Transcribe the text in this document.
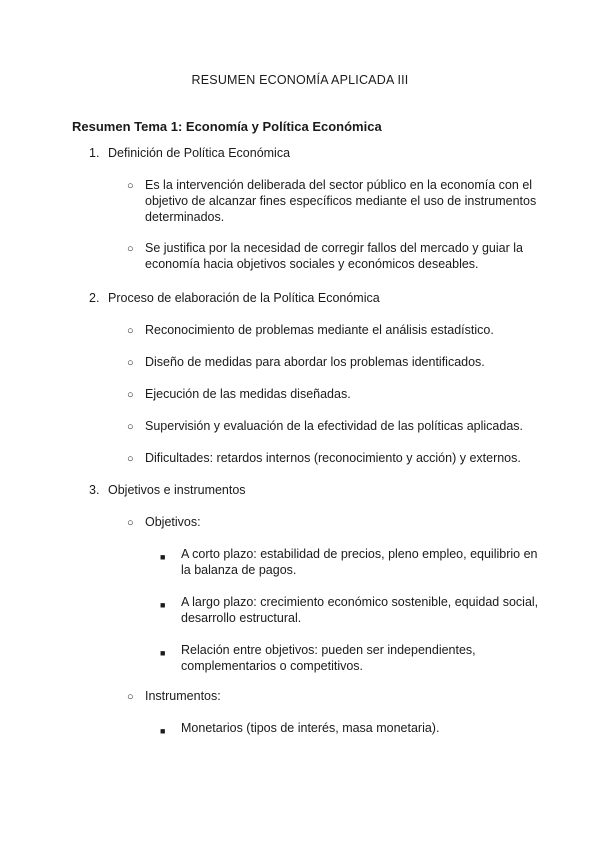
RESUMEN ECONOMÍA APLICADA III
Resumen Tema 1: Economía y Política Económica
1. Definición de Política Económica
○ Es la intervención deliberada del sector público en la economía con el objetivo de alcanzar fines específicos mediante el uso de instrumentos determinados.
○ Se justifica por la necesidad de corregir fallos del mercado y guiar la economía hacia objetivos sociales y económicos deseables.
2. Proceso de elaboración de la Política Económica
○ Reconocimiento de problemas mediante el análisis estadístico.
○ Diseño de medidas para abordar los problemas identificados.
○ Ejecución de las medidas diseñadas.
○ Supervisión y evaluación de la efectividad de las políticas aplicadas.
○ Dificultades: retardos internos (reconocimiento y acción) y externos.
3. Objetivos e instrumentos
○ Objetivos:
■ A corto plazo: estabilidad de precios, pleno empleo, equilibrio en la balanza de pagos.
■ A largo plazo: crecimiento económico sostenible, equidad social, desarrollo estructural.
■ Relación entre objetivos: pueden ser independientes, complementarios o competitivos.
○ Instrumentos:
■ Monetarios (tipos de interés, masa monetaria).
